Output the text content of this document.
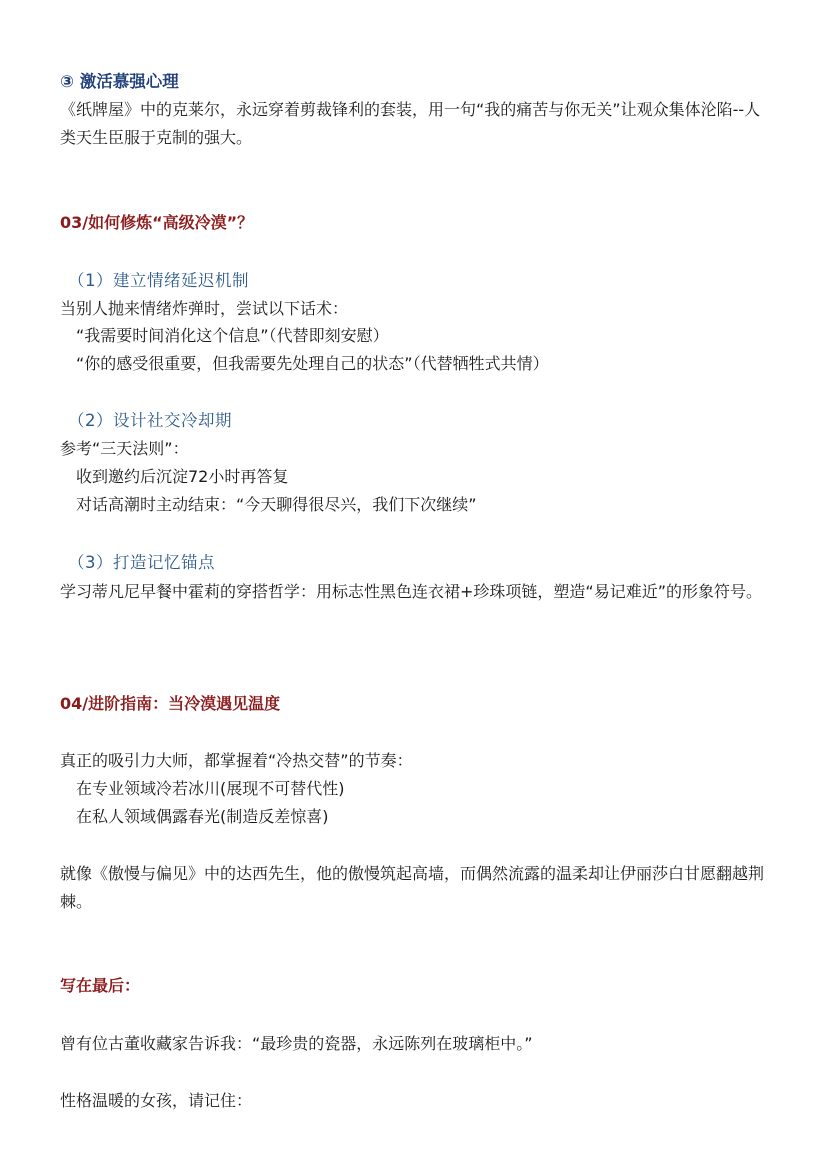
③ 激活慕强心理

《纸牌屋》中的克莱尔，永远穿着剪裁锋利的套装，用一句“我的痛苦与你无关”让观众集体沦陷--人类天生臣服于克制的强大。

03/如何修炼“高级冷漠”？

（1）建立情绪延迟机制

当别人抛来情绪炸弹时，尝试以下话术：

“我需要时间消化这个信息”（代替即刻安慰）

“你的感受很重要，但我需要先处理自己的状态”（代替牺牲式共情）

（2）设计社交冷却期

参考“三天法则”：

收到邀约后沉淀72小时再答复

对话高潮时主动结束：“今天聊得很尽兴，我们下次继续”

（3）打造记忆锚点

学习蒂凡尼早餐中霍莉的穿搭哲学：用标志性黑色连衣裙+珍珠项链，塑造“易记难近”的形象符号。

04/进阶指南：当冷漠遇见温度

真正的吸引力大师，都掌握着“冷热交替”的节奏：

在专业领域冷若冰川(展现不可替代性)

在私人领域偶露春光(制造反差惊喜)

就像《傲慢与偏见》中的达西先生，他的傲慢筑起高墙，而偶然流露的温柔却让伊丽莎白甘愿翻越荆棘。

写在最后：

曾有位古董收藏家告诉我：“最珍贵的瓷器，永远陈列在玻璃柜中。”

性格温暖的女孩，请记住：
